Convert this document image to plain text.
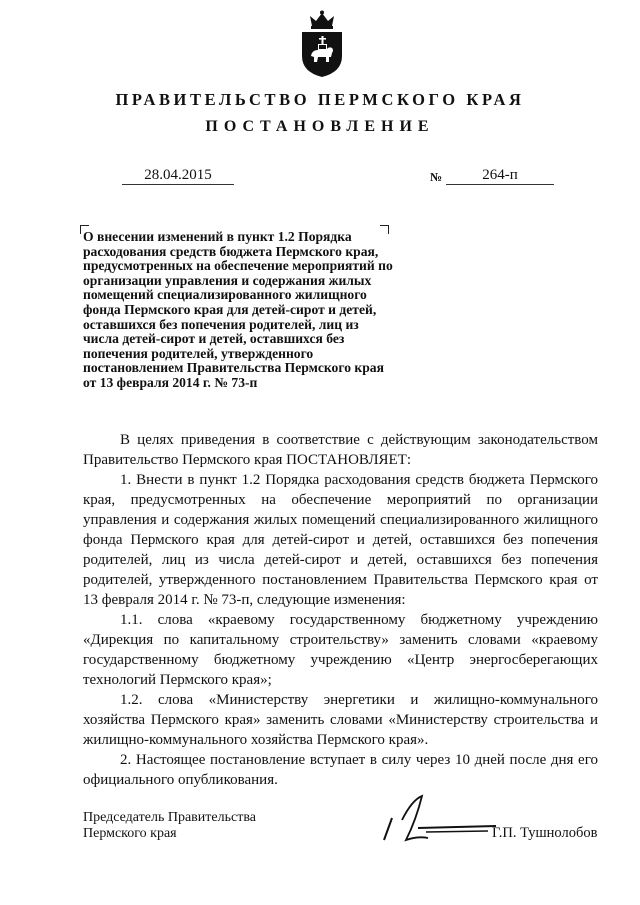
ПРАВИТЕЛЬСТВО ПЕРМСКОГО КРАЯ
ПОСТАНОВЛЕНИЕ
28.04.2015	№	264-п
О внесении изменений в пункт 1.2 Порядка расходования средств бюджета Пермского края, предусмотренных на обеспечение мероприятий по организации управления и содержания жилых помещений специализированного жилищного фонда Пермского края для детей-сирот и детей, оставшихся без попечения родителей, лиц из числа детей-сирот и детей, оставшихся без попечения родителей, утвержденного постановлением Правительства Пермского края от 13 февраля 2014 г. № 73-п

В целях приведения в соответствие с действующим законодательством Правительство Пермского края ПОСТАНОВЛЯЕТ:

1. Внести в пункт 1.2 Порядка расходования средств бюджета Пермского края, предусмотренных на обеспечение мероприятий по организации управления и содержания жилых помещений специализированного жилищного фонда Пермского края для детей-сирот и детей, оставшихся без попечения родителей, лиц из числа детей-сирот и детей, оставшихся без попечения родителей, утвержденного постановлением Правительства Пермского края от 13 февраля 2014 г. № 73-п, следующие изменения:

1.1. слова «краевому государственному бюджетному учреждению «Дирекция по капитальному строительству» заменить словами «краевому государственному бюджетному учреждению «Центр энергосберегающих технологий Пермского края»;

1.2. слова «Министерству энергетики и жилищно-коммунального хозяйства Пермского края» заменить словами «Министерству строительства и жилищно-коммунального хозяйства Пермского края».

2. Настоящее постановление вступает в силу через 10 дней после дня его официального опубликования.

Председатель Правительства
Пермского края	Г.П. Тушнолобов
